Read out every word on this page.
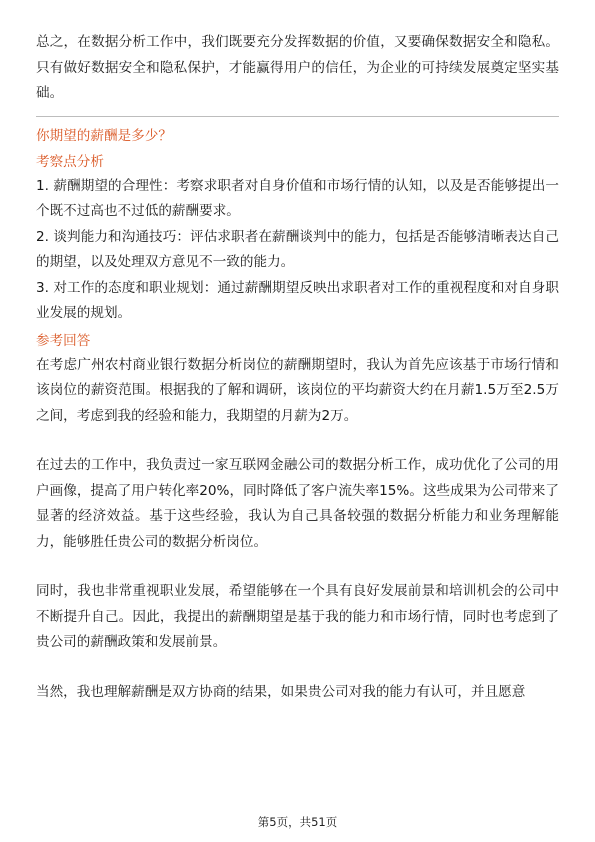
总之，在数据分析工作中，我们既要充分发挥数据的价值，又要确保数据安全和隐私。只有做好数据安全和隐私保护，才能赢得用户的信任，为企业的可持续发展奠定坚实基础。

你期望的薪酬是多少？

考察点分析

1. 薪酬期望的合理性：考察求职者对自身价值和市场行情的认知，以及是否能够提出一个既不过高也不过低的薪酬要求。

2. 谈判能力和沟通技巧：评估求职者在薪酬谈判中的能力，包括是否能够清晰表达自己的期望，以及处理双方意见不一致的能力。

3. 对工作的态度和职业规划：通过薪酬期望反映出求职者对工作的重视程度和对自身职业发展的规划。

参考回答

在考虑广州农村商业银行数据分析岗位的薪酬期望时，我认为首先应该基于市场行情和该岗位的薪资范围。根据我的了解和调研，该岗位的平均薪资大约在月薪1.5万至2.5万之间，考虑到我的经验和能力，我期望的月薪为2万。

在过去的工作中，我负责过一家互联网金融公司的数据分析工作，成功优化了公司的用户画像，提高了用户转化率20%，同时降低了客户流失率15%。这些成果为公司带来了显著的经济效益。基于这些经验，我认为自己具备较强的数据分析能力和业务理解能力，能够胜任贵公司的数据分析岗位。

同时，我也非常重视职业发展，希望能够在一个具有良好发展前景和培训机会的公司中不断提升自己。因此，我提出的薪酬期望是基于我的能力和市场行情，同时也考虑到了贵公司的薪酬政策和发展前景。

当然，我也理解薪酬是双方协商的结果，如果贵公司对我的能力有认可，并且愿意

第5页，共51页
